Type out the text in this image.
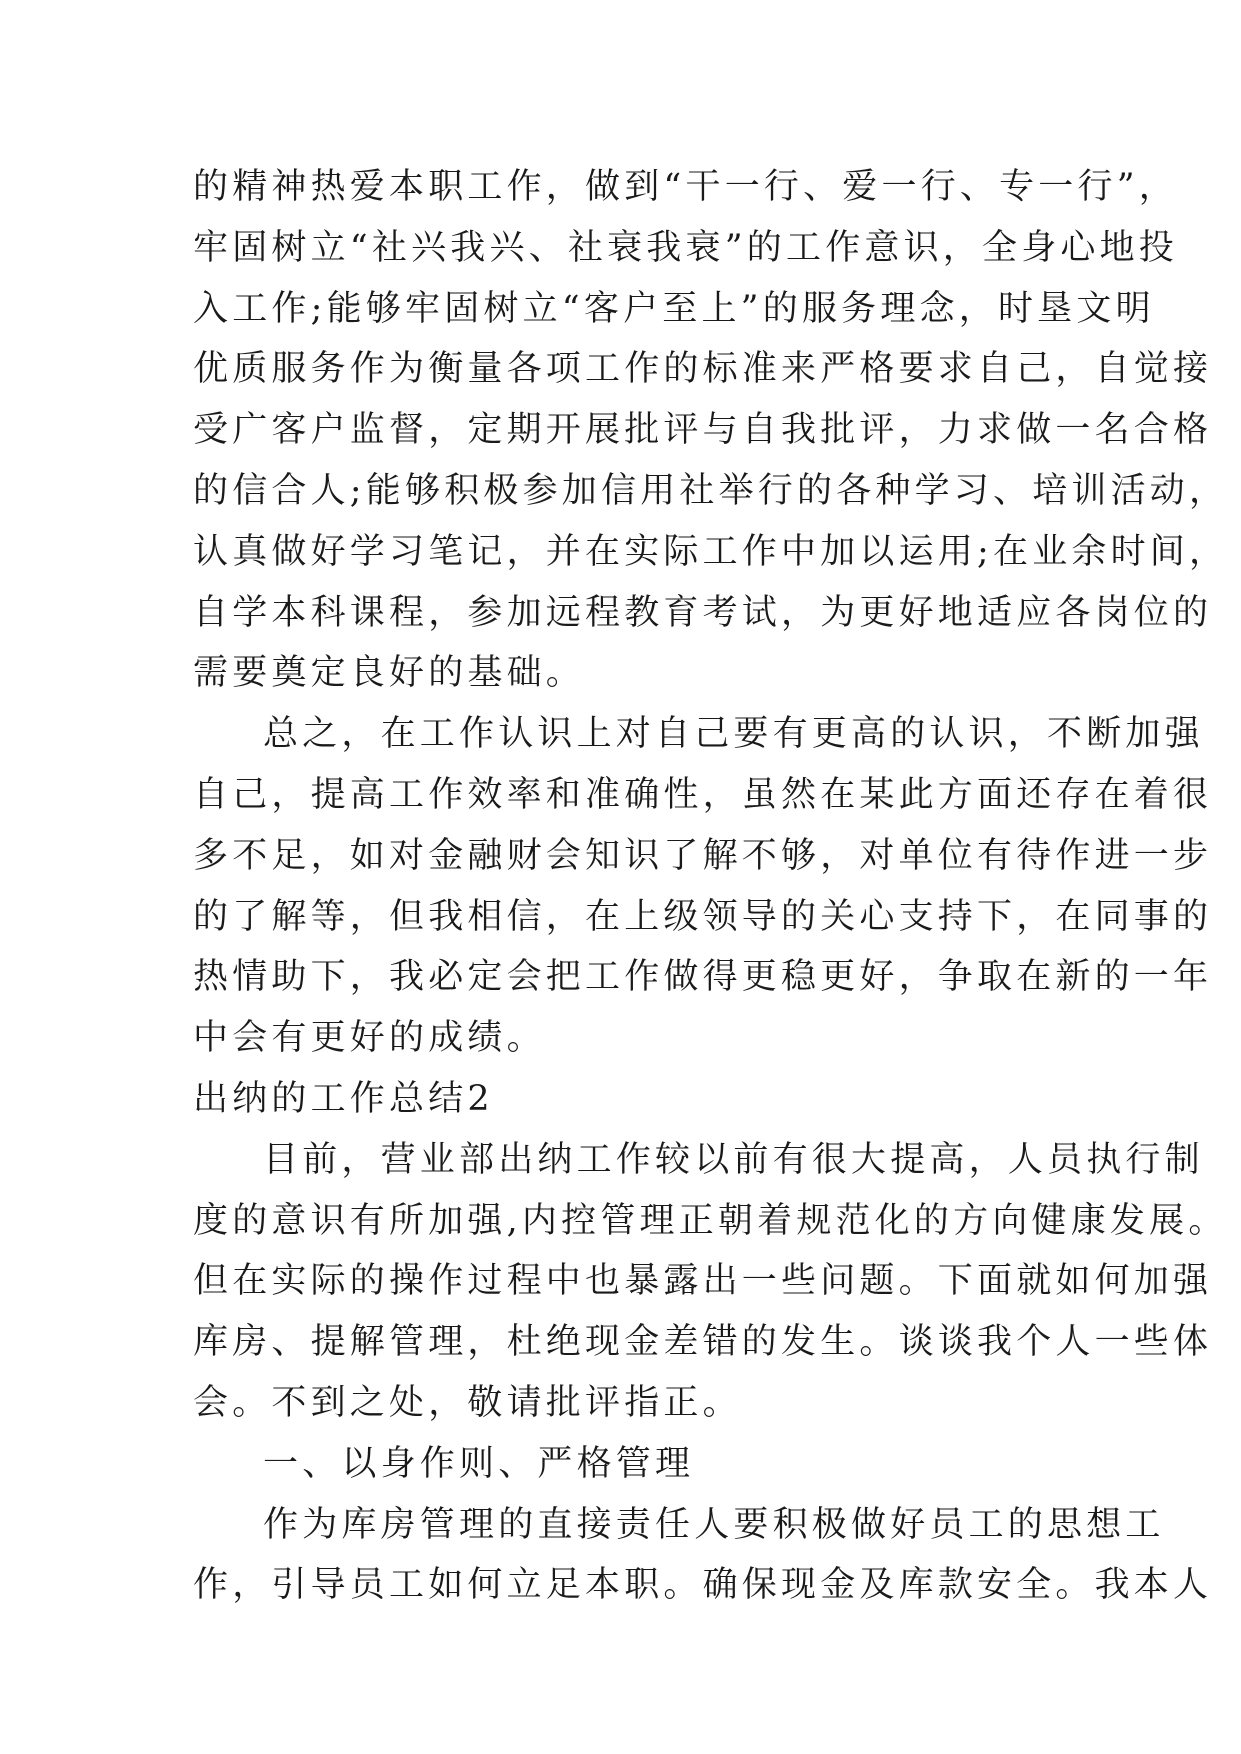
的精神热爱本职工作，做到“干一行、爱一行、专一行”，
牢固树立“社兴我兴、社衰我衰”的工作意识，全身心地投
入工作;能够牢固树立“客户至上”的服务理念，时垦文明
优质服务作为衡量各项工作的标准来严格要求自己，自觉接
受广客户监督，定期开展批评与自我批评，力求做一名合格
的信合人;能够积极参加信用社举行的各种学习、培训活动，
认真做好学习笔记，并在实际工作中加以运用;在业余时间，
自学本科课程，参加远程教育考试，为更好地适应各岗位的
需要奠定良好的基础。
总之，在工作认识上对自己要有更高的认识，不断加强
自己，提高工作效率和准确性，虽然在某此方面还存在着很
多不足，如对金融财会知识了解不够，对单位有待作进一步
的了解等，但我相信，在上级领导的关心支持下，在同事的
热情助下，我必定会把工作做得更稳更好，争取在新的一年
中会有更好的成绩。
出纳的工作总结2
目前，营业部出纳工作较以前有很大提高，人员执行制
度的意识有所加强,内控管理正朝着规范化的方向健康发展。
但在实际的操作过程中也暴露出一些问题。下面就如何加强
库房、提解管理，杜绝现金差错的发生。谈谈我个人一些体
会。不到之处，敬请批评指正。
一、以身作则、严格管理
作为库房管理的直接责任人要积极做好员工的思想工
作，引导员工如何立足本职。确保现金及库款安全。我本人
